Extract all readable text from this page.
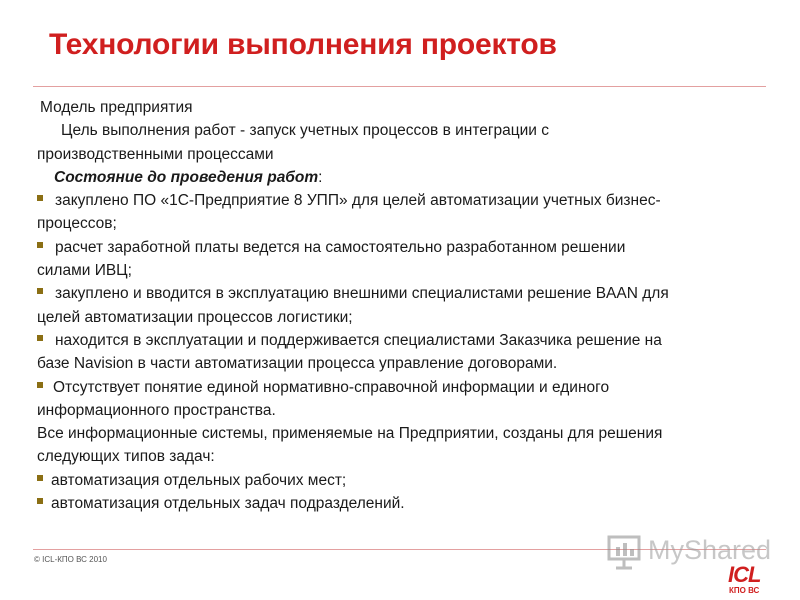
Технологии выполнения проектов
Модель предприятия
Цель выполнения работ - запуск учетных процессов в интеграции с
производственными процессами
Состояние до проведения работ:
закуплено ПО «1С-Предприятие 8 УПП» для целей автоматизации учетных бизнес-
процессов;
расчет заработной платы ведется на самостоятельно разработанном решении
силами ИВЦ;
закуплено и вводится в эксплуатацию внешними специалистами решение BAAN для
целей автоматизации процессов логистики;
находится в эксплуатации и поддерживается специалистами Заказчика решение на
базе Navision в части автоматизации процесса управление договорами.
Отсутствует понятие единой нормативно-справочной информации и единого
информационного пространства.
Все информационные системы, применяемые на Предприятии, созданы для решения
следующих типов задач:
автоматизация отдельных рабочих мест;
автоматизация отдельных задач подразделений.
© ICL-КПО ВС 2010	MyShared
ICL
КПО ВС
